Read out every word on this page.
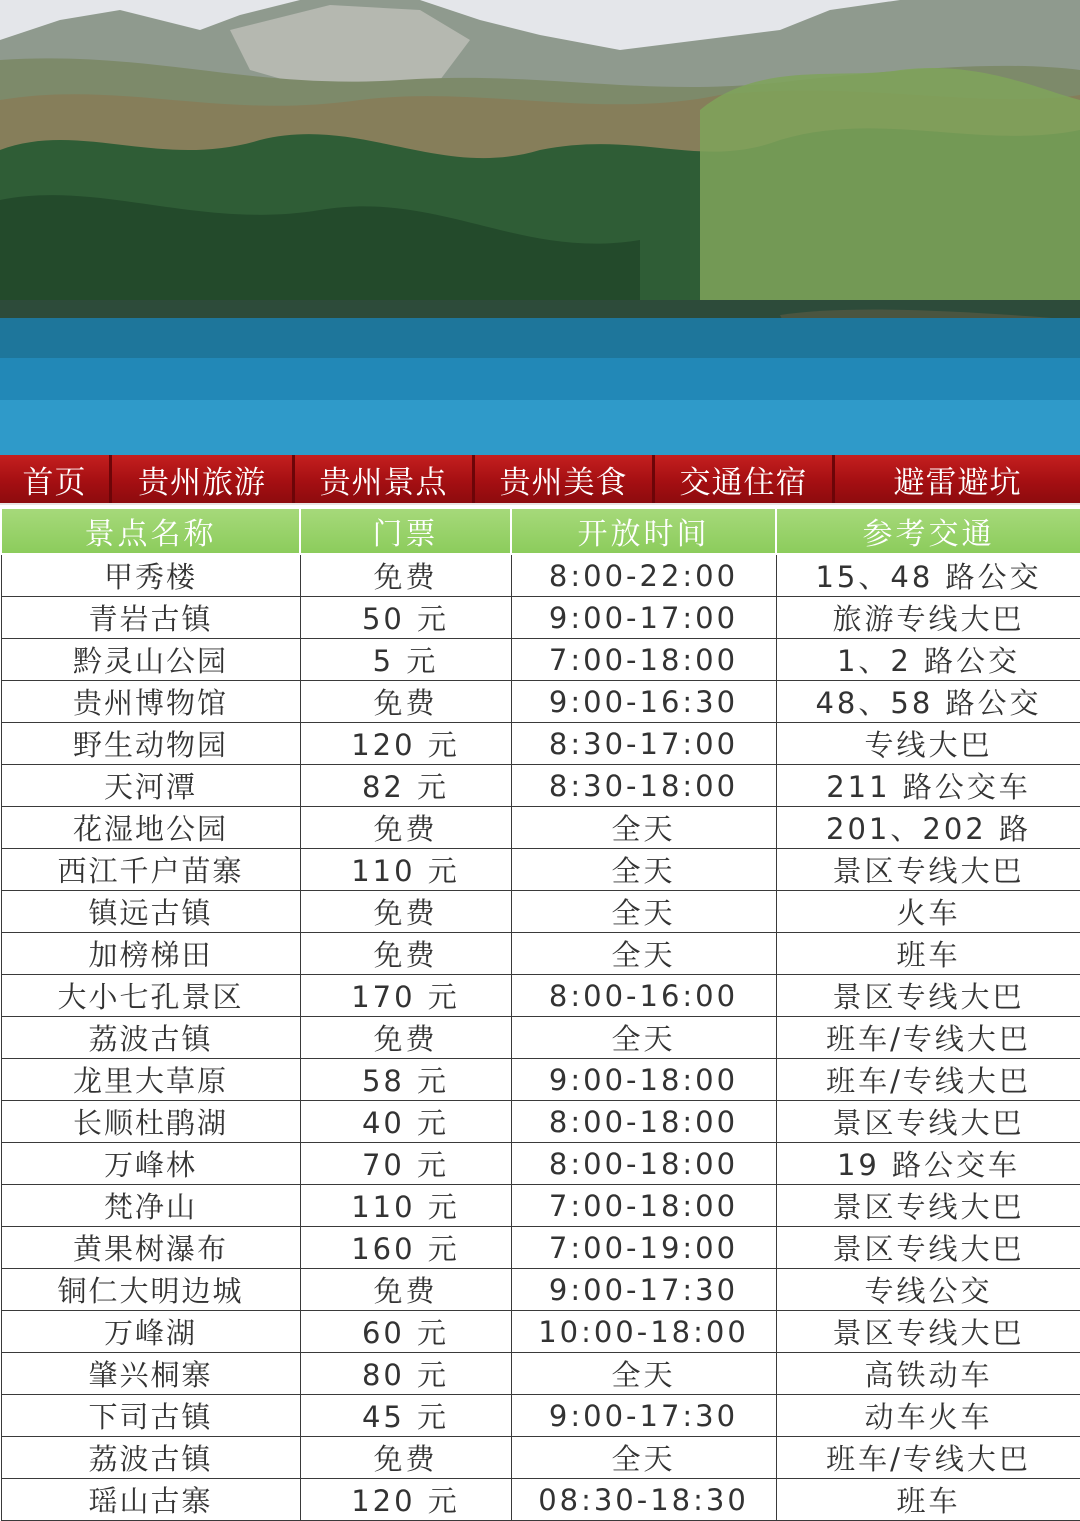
首页	贵州旅游	贵州景点	贵州美食	交通住宿	避雷避坑
景点名称	门票	开放时间	参考交通
甲秀楼	免费	8:00-22:00	15、48 路公交
青岩古镇	50 元	9:00-17:00	旅游专线大巴
黔灵山公园	5 元	7:00-18:00	1、2 路公交
贵州博物馆	免费	9:00-16:30	48、58 路公交
野生动物园	120 元	8:30-17:00	专线大巴
天河潭	82 元	8:30-18:00	211 路公交车
花湿地公园	免费	全天	201、202 路
西江千户苗寨	110 元	全天	景区专线大巴
镇远古镇	免费	全天	火车
加榜梯田	免费	全天	班车
大小七孔景区	170 元	8:00-16:00	景区专线大巴
荔波古镇	免费	全天	班车/专线大巴
龙里大草原	58 元	9:00-18:00	班车/专线大巴
长顺杜鹃湖	40 元	8:00-18:00	景区专线大巴
万峰林	70 元	8:00-18:00	19 路公交车
梵净山	110 元	7:00-18:00	景区专线大巴
黄果树瀑布	160 元	7:00-19:00	景区专线大巴
铜仁大明边城	免费	9:00-17:30	专线公交
万峰湖	60 元	10:00-18:00	景区专线大巴
肇兴桐寨	80 元	全天	高铁动车
下司古镇	45 元	9:00-17:30	动车火车
荔波古镇	免费	全天	班车/专线大巴
瑶山古寨	120 元	08:30-18:30	班车
